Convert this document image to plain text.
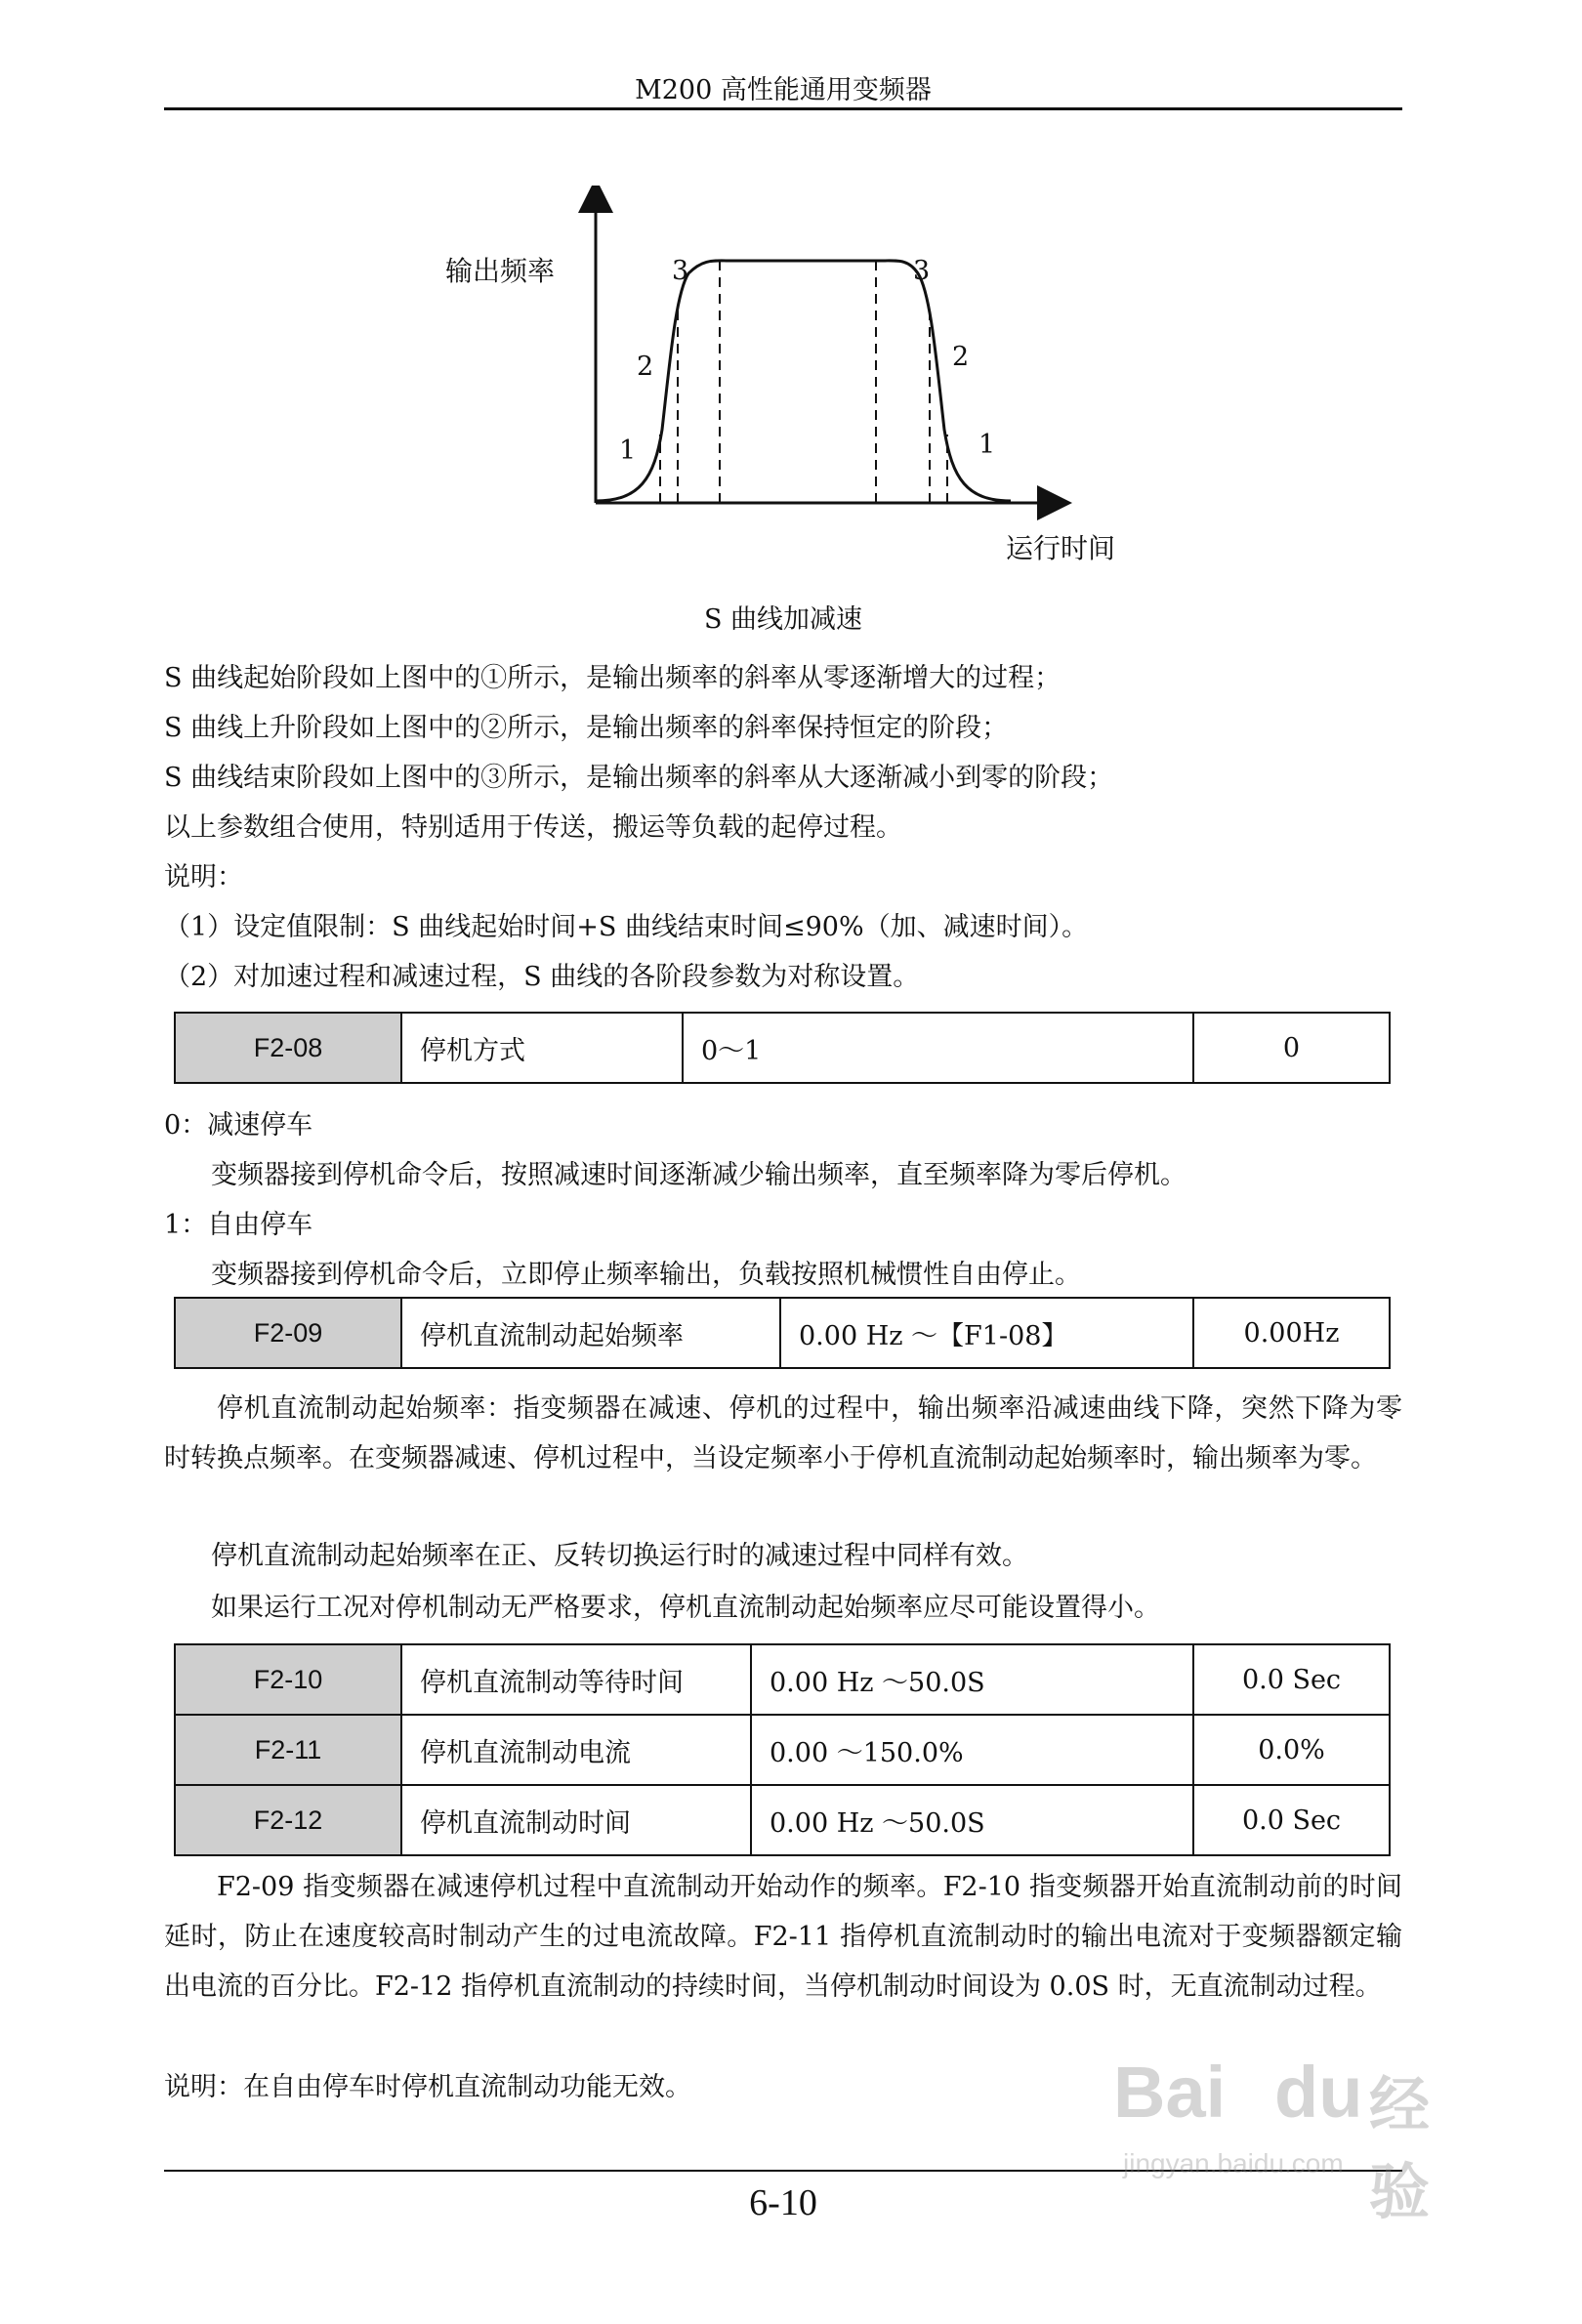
M200 高性能通用变频器
输出频率
运行时间
1
2
3	3
2
1
S 曲线加减速
S 曲线起始阶段如上图中的①所示，是输出频率的斜率从零逐渐增大的过程；
S 曲线上升阶段如上图中的②所示，是输出频率的斜率保持恒定的阶段；
S 曲线结束阶段如上图中的③所示，是输出频率的斜率从大逐渐减小到零的阶段；
以上参数组合使用，特别适用于传送，搬运等负载的起停过程。
说明：
（1）设定值限制：S 曲线起始时间+S 曲线结束时间≤90%（加、减速时间）。
（2）对加速过程和减速过程，S 曲线的各阶段参数为对称设置。
F2-08	停机方式	0～1	0
0：减速停车
变频器接到停机命令后，按照减速时间逐渐减少输出频率，直至频率降为零后停机。
1：自由停车
变频器接到停机命令后，立即停止频率输出，负载按照机械惯性自由停止。
F2-09	停机直流制动起始频率	0.00 Hz ～【F1-08】	0.00Hz
停机直流制动起始频率：指变频器在减速、停机的过程中，输出频率沿减速曲线下降，突然下降为零时转换点频率。在变频器减速、停机过程中，当设定频率小于停机直流制动起始频率时，输出频率为零。
停机直流制动起始频率在正、反转切换运行时的减速过程中同样有效。
如果运行工况对停机制动无严格要求，停机直流制动起始频率应尽可能设置得小。
F2-10	停机直流制动等待时间	0.00 Hz ～50.0S	0.0 Sec
F2-11	停机直流制动电流	0.00 ～150.0%	0.0%
F2-12	停机直流制动时间	0.00 Hz ～50.0S	0.0 Sec
F2-09 指变频器在减速停机过程中直流制动开始动作的频率。F2-10 指变频器开始直流制动前的时间延时，防止在速度较高时制动产生的过电流故障。F2-11 指停机直流制动时的输出电流对于变频器额定输出电流的百分比。F2-12 指停机直流制动的持续时间，当停机制动时间设为 0.0S 时，无直流制动过程。
说明：在自由停车时停机直流制动功能无效。
6-10
Bai du 经验
jingyan.baidu.com
